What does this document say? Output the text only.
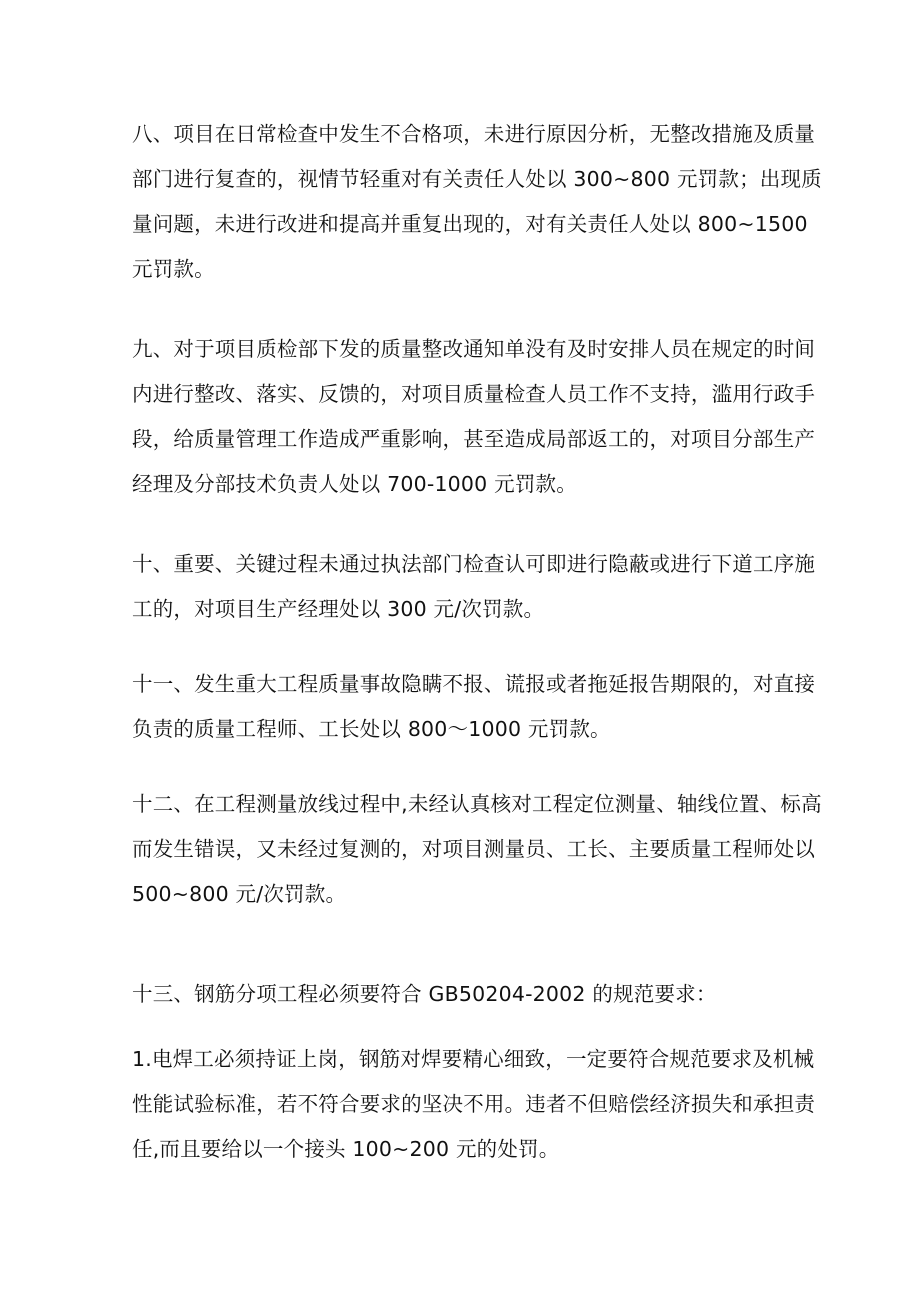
八、项目在日常检查中发生不合格项，未进行原因分析，无整改措施及质量
部门进行复查的，视情节轻重对有关责任人处以 300~800 元罚款；出现质
量问题，未进行改进和提高并重复出现的，对有关责任人处以 800~1500
元罚款。
九、对于项目质检部下发的质量整改通知单没有及时安排人员在规定的时间
内进行整改、落实、反馈的，对项目质量检查人员工作不支持，滥用行政手
段，给质量管理工作造成严重影响，甚至造成局部返工的，对项目分部生产
经理及分部技术负责人处以 700-1000 元罚款。
十、重要、关键过程未通过执法部门检查认可即进行隐蔽或进行下道工序施
工的，对项目生产经理处以 300 元/次罚款。
十一、发生重大工程质量事故隐瞒不报、谎报或者拖延报告期限的，对直接
负责的质量工程师、工长处以 800～1000 元罚款。
十二、在工程测量放线过程中,未经认真核对工程定位测量、轴线位置、标高
而发生错误，又未经过复测的，对项目测量员、工长、主要质量工程师处以
500~800 元/次罚款。
十三、钢筋分项工程必须要符合 GB50204-2002 的规范要求：
1.电焊工必须持证上岗，钢筋对焊要精心细致，一定要符合规范要求及机械
性能试验标准，若不符合要求的坚决不用。违者不但赔偿经济损失和承担责
任,而且要给以一个接头 100~200 元的处罚。
